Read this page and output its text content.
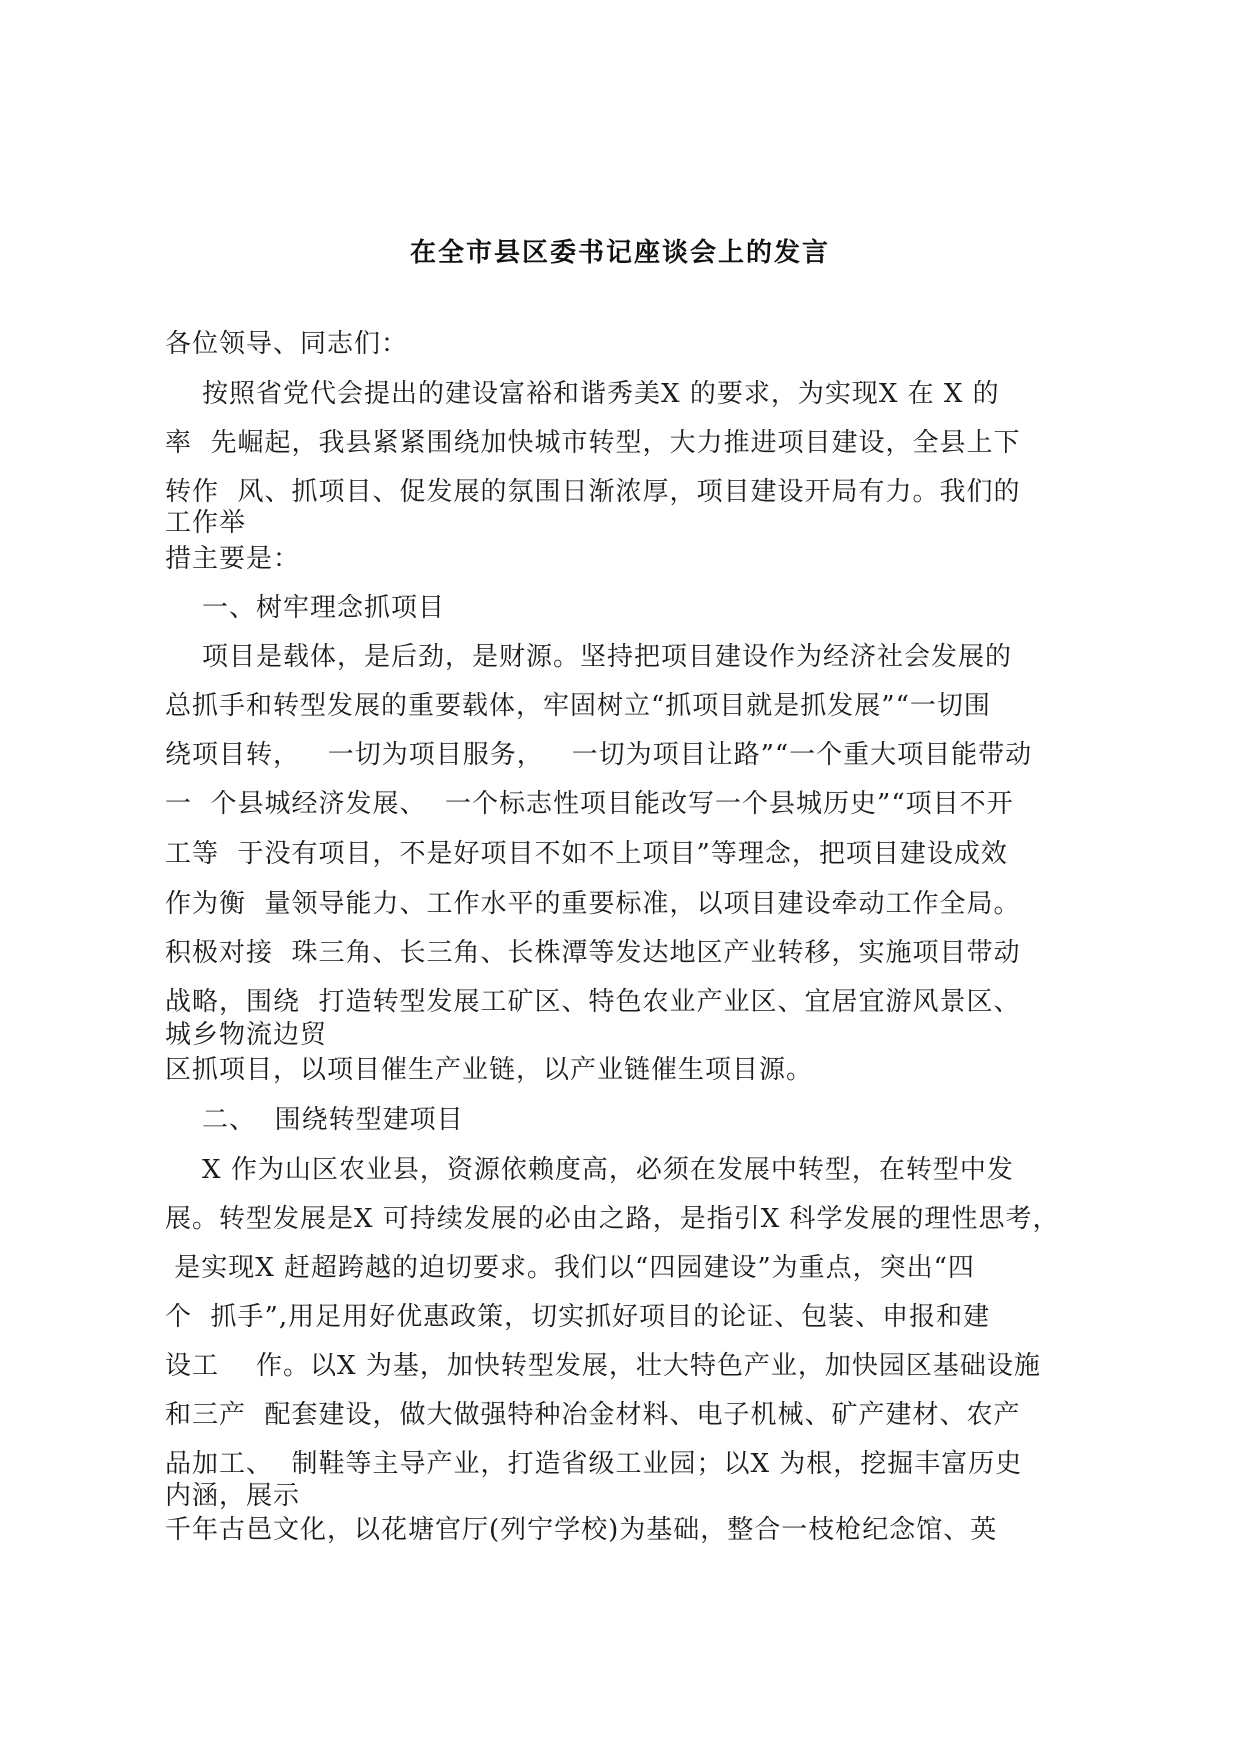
在全市县区委书记座谈会上的发言
各位领导、同志们：
按照省党代会提出的建设富裕和谐秀美X 的要求，为实现X 在 X 的
率  先崛起，我县紧紧围绕加快城市转型，大力推进项目建设，全县上下
转作  风、抓项目、促发展的氛围日渐浓厚，项目建设开局有力。我们的
工作举
措主要是：
一、树牢理念抓项目
项目是载体，是后劲，是财源。坚持把项目建设作为经济社会发展的
总抓手和转型发展的重要载体，牢固树立“抓项目就是抓发展”“一切围
绕项目转，   一切为项目服务，   一切为项目让路”“一个重大项目能带动
一  个县城经济发展、  一个标志性项目能改写一个县城历史”“项目不开
工等  于没有项目，不是好项目不如不上项目”等理念，把项目建设成效
作为衡  量领导能力、工作水平的重要标准，以项目建设牵动工作全局。
积极对接  珠三角、长三角、长株潭等发达地区产业转移，实施项目带动
战略，围绕  打造转型发展工矿区、特色农业产业区、宜居宜游风景区、
城乡物流边贸
区抓项目，以项目催生产业链，以产业链催生项目源。
二、  围绕转型建项目
X 作为山区农业县，资源依赖度高，必须在发展中转型，在转型中发
展。转型发展是X 可持续发展的必由之路，是指引X 科学发展的理性思考，
是实现X 赶超跨越的迫切要求。我们以“四园建设”为重点，突出“四
个  抓手”,用足用好优惠政策，切实抓好项目的论证、包装、申报和建
设工    作。以X 为基，加快转型发展，壮大特色产业，加快园区基础设施
和三产  配套建设，做大做强特种冶金材料、电子机械、矿产建材、农产
品加工、  制鞋等主导产业，打造省级工业园；以X 为根，挖掘丰富历史
内涵，展示
千年古邑文化，以花塘官厅(列宁学校)为基础，整合一枝枪纪念馆、英
